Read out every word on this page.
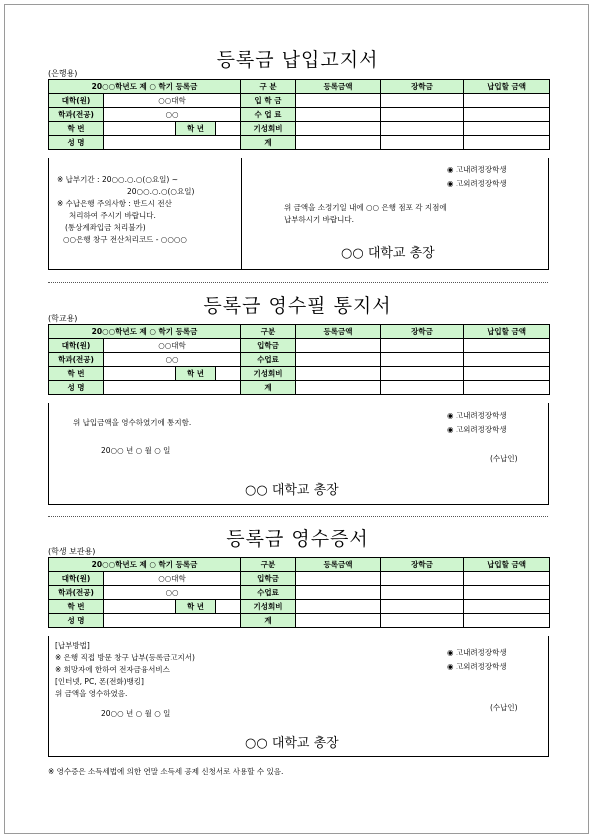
등록금 납입고지서
(은행용)
20○○학년도 제 ○ 학기 등록금				구 분	등록금액	장학금	납입할 금액
대학(원)	○○대학			입 학 금			
학과(전공)	○○			수 업 료			
학 번		학 년		기성회비			
성 명				계			
※ 납부기간 : 20○○.○.○(○요일) ~
20○○.○.○(○요일)
※ 수납은행 주의사항 : 반드시 전산
처리하여 주시기 바랍니다.
(통상계좌입금 처리불가)
○○은행 창구 전산처리코드 - ○○○○
◉ 고내려정장학생
◉ 고외려정장학생
위 금액을 소정기일 내에 ○○ 은행 점포 각 지점에
납부하시기 바랍니다.
○○ 대학교 총장
등록금 영수필 통지서
(학교용)
20○○학년도 제 ○ 학기 등록금				구분	등록금액	장학금	납입할 금액
대학(원)	○○대학			입학금			
학과(전공)	○○			수업료			
학 번		학 년		기성회비			
성 명				계			
위 납입금액을 영수하였기에 통지함.
20○○ 년 ○ 월 ○ 일
◉ 고내려정장학생
◉ 고외려정장학생
(수납인)
○○ 대학교 총장
등록금 영수증서
(학생 보관용)
20○○학년도 제 ○ 학기 등록금				구분	등록금액	장학금	납입할 금액
대학(원)	○○대학			입학금			
학과(전공)	○○			수업료			
학 번		학 년		기성회비			
성 명				계			
[납부방법]
※ 은행 직접 방문 창구 납부(등록금고지서)
※ 희망자에 한하여 전자금융서비스
[인터넷, PC, 폰(전화)뱅킹]
위 금액을 영수하였음.
20○○ 년 ○ 월 ○ 일
◉ 고내려정장학생
◉ 고외려정장학생
(수납인)
○○ 대학교 총장
※ 영수증은 소득세법에 의한 연말 소득세 공제 신청서로 사용할 수 있음.
